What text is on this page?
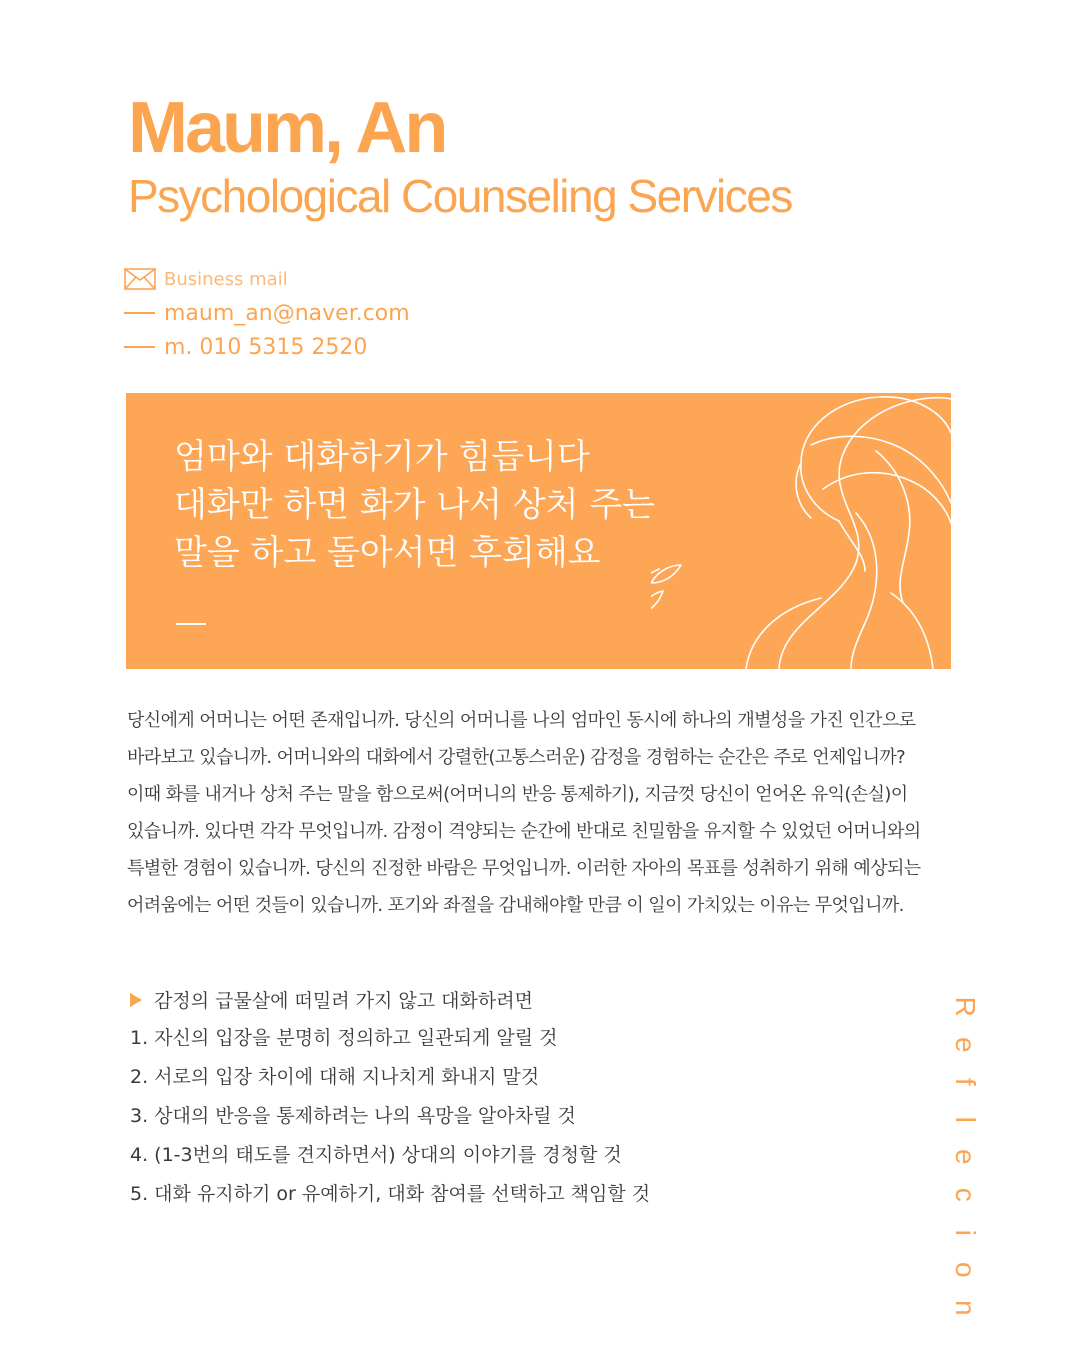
Maum, An
Psychological Counseling Services
Business mail
maum_an@naver.com
m. 010 5315 2520
엄마와 대화하기가 힘듭니다
대화만 하면 화가 나서 상처 주는
말을 하고 돌아서면 후회해요
당신에게 어머니는 어떤 존재입니까. 당신의 어머니를 나의 엄마인 동시에 하나의 개별성을 가진 인간으로
바라보고 있습니까. 어머니와의 대화에서 강렬한(고통스러운) 감정을 경험하는 순간은 주로 언제입니까?
이때 화를 내거나 상처 주는 말을 함으로써(어머니의 반응 통제하기), 지금껏 당신이 얻어온 유익(손실)이
있습니까. 있다면 각각 무엇입니까. 감정이 격양되는 순간에 반대로 친밀함을 유지할 수 있었던 어머니와의
특별한 경험이 있습니까. 당신의 진정한 바람은 무엇입니까. 이러한 자아의 목표를 성취하기 위해 예상되는
어려움에는 어떤 것들이 있습니까. 포기와 좌절을 감내해야할 만큼 이 일이 가치있는 이유는 무엇입니까.
감정의 급물살에 떠밀려 가지 않고 대화하려면
1. 자신의 입장을 분명히 정의하고 일관되게 알릴 것
2. 서로의 입장 차이에 대해 지나치게 화내지 말것
3. 상대의 반응을 통제하려는 나의 욕망을 알아차릴 것
4. (1-3번의 태도를 견지하면서) 상대의 이야기를 경청할 것
5. 대화 유지하기 or 유예하기, 대화 참여를 선택하고 책임할 것
R
e
f
l
e
c
i
o
n
